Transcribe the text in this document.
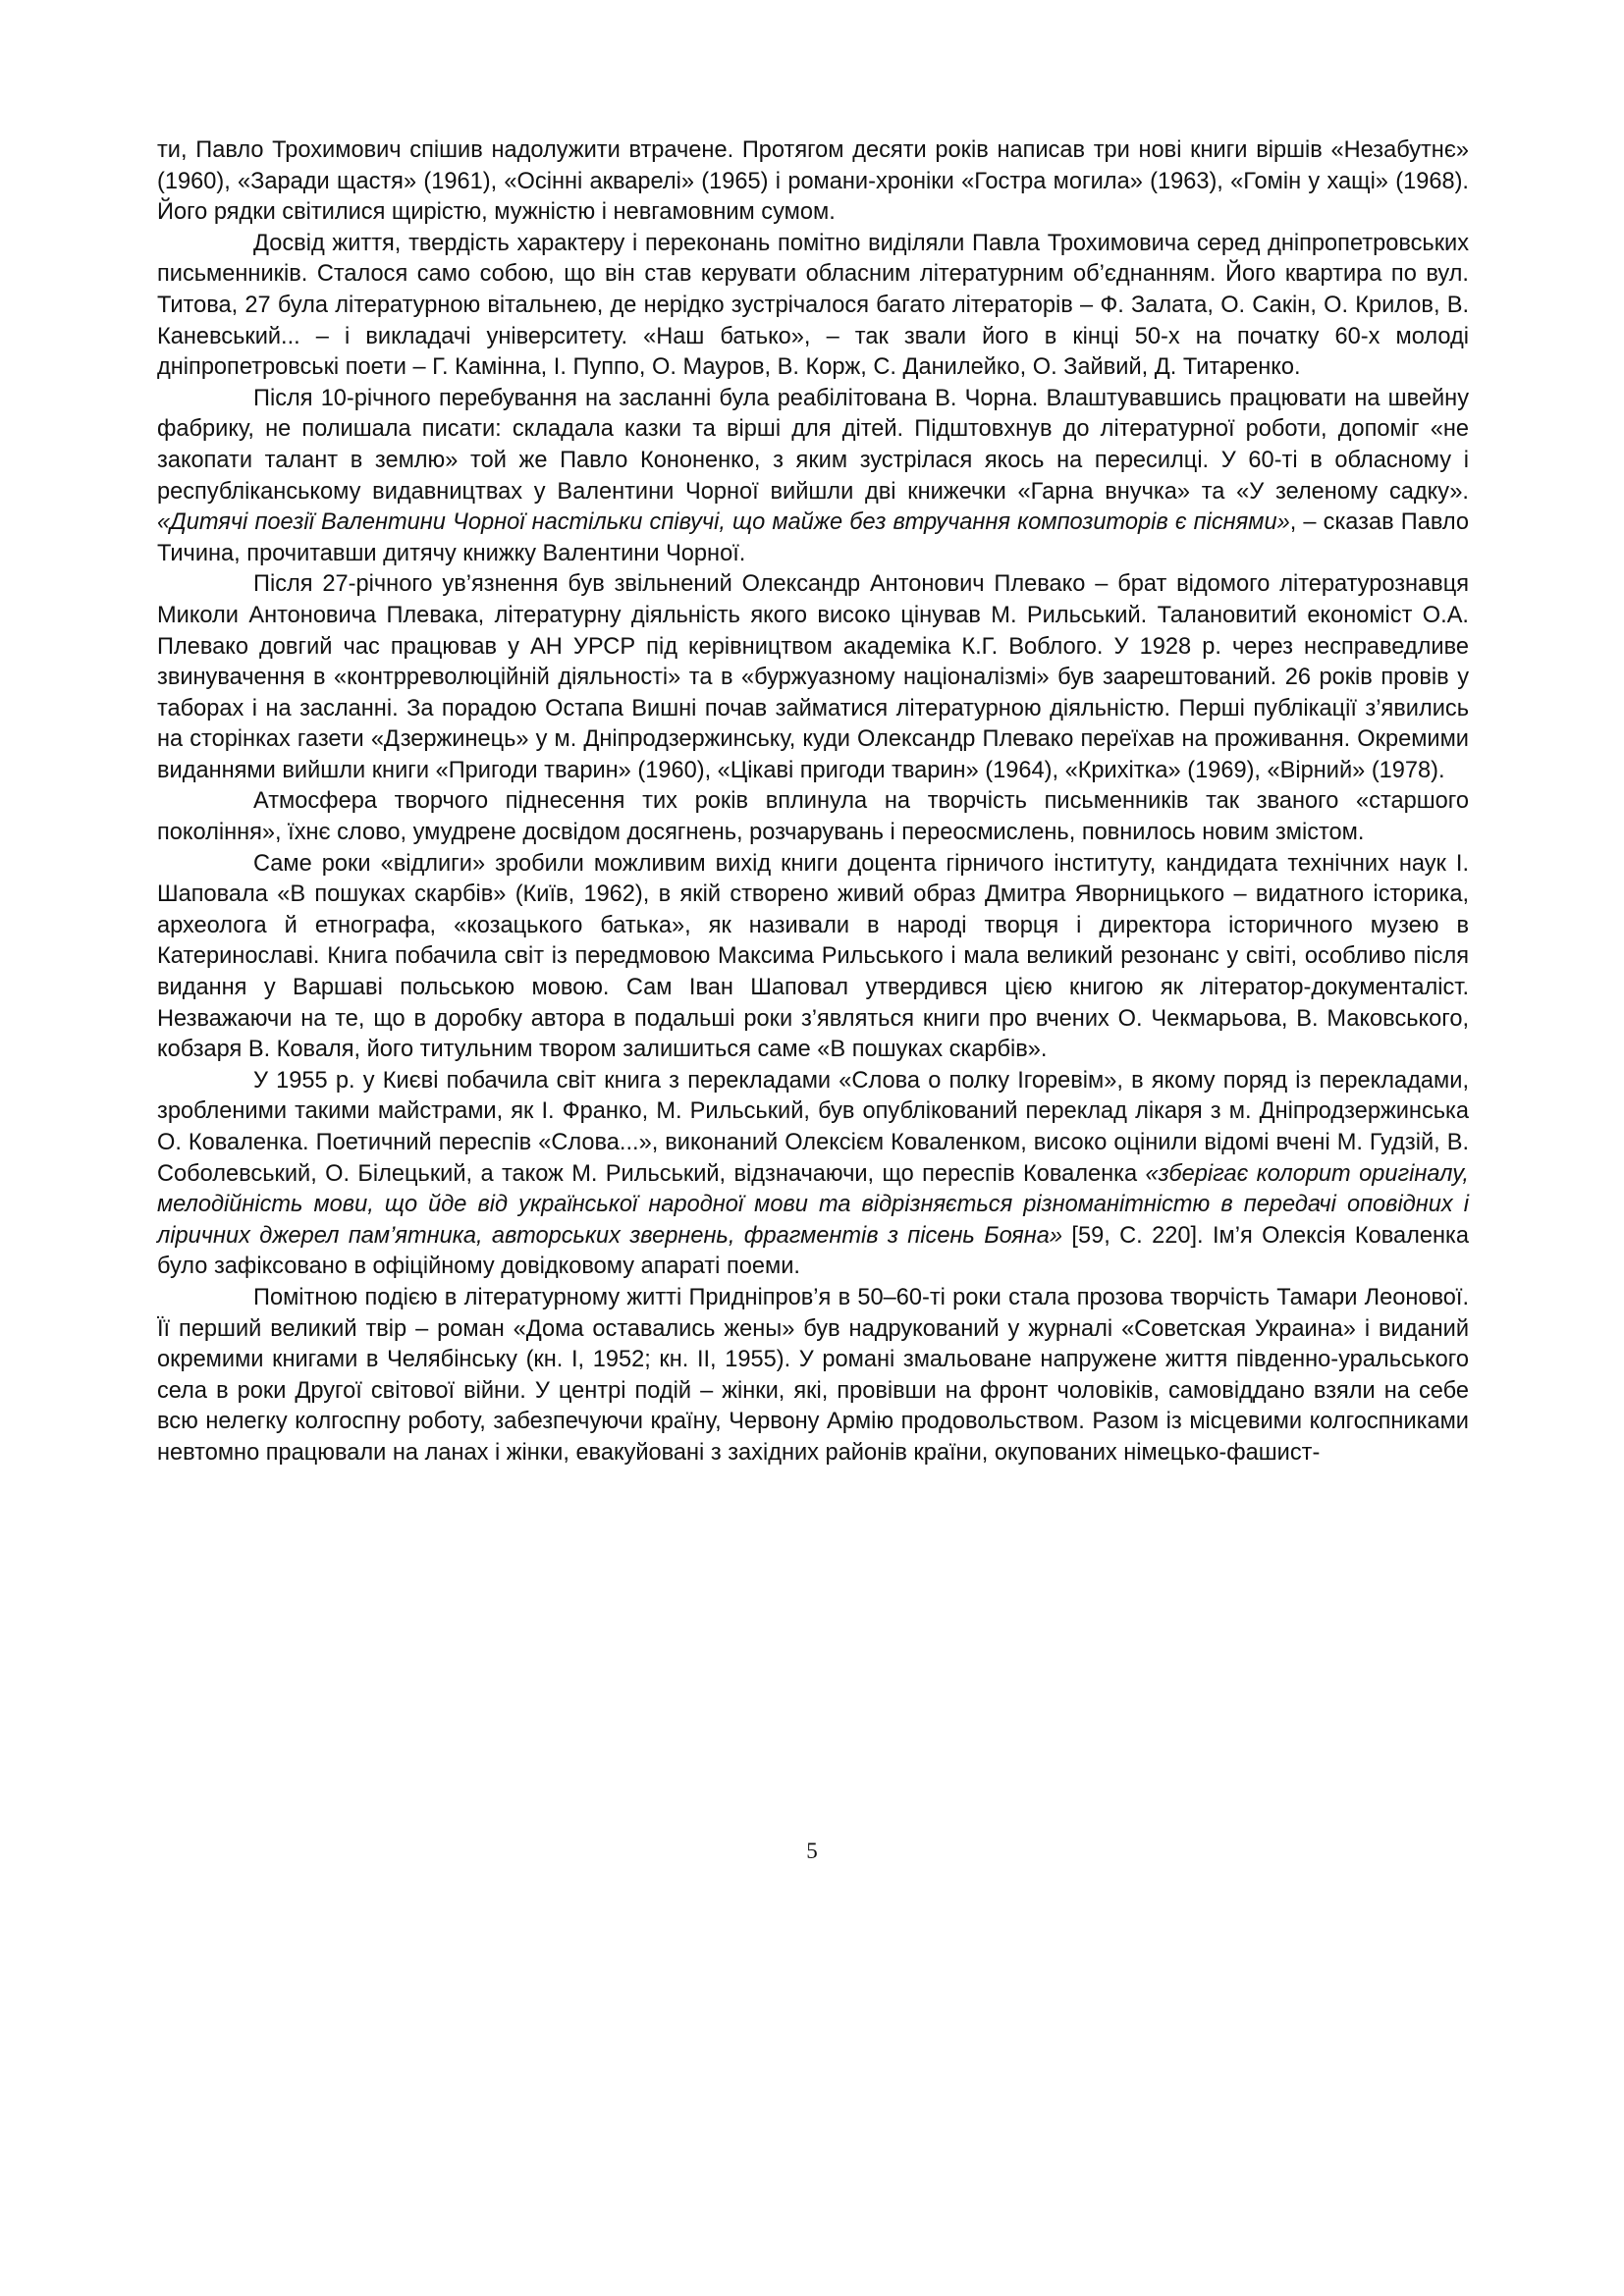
ти, Павло Трохимович спішив надолужити втрачене. Протягом десяти років написав три нові книги віршів «Незабутнє» (1960), «Заради щастя» (1961), «Осінні акварелі» (1965) і романи-хроніки «Гостра могила» (1963), «Гомін у хащі» (1968). Його рядки світилися щирістю, мужністю і невгамовним сумом.

Досвід життя, твердість характеру і переконань помітно виділяли Павла Трохимовича серед дніпропетровських письменників. Сталося само собою, що він став керувати обласним літературним об’єднанням. Його квартира по вул. Титова, 27 була літературною вітальнею, де нерідко зустрічалося багато літераторів – Ф. Залата, О. Сакін, О. Крилов, В. Каневський... – і викладачі університету. «Наш батько», – так звали його в кінці 50-х на початку 60-х молоді дніпропетровські поети – Г. Камінна, І. Пуппо, О. Мауров, В. Корж, С. Данилейко, О. Зайвий, Д. Титаренко.

Після 10-річного перебування на засланні була реабілітована В. Чорна. Влаштувавшись працювати на швейну фабрику, не полишала писати: складала казки та вірші для дітей. Підштовхнув до літературної роботи, допоміг «не закопати талант в землю» той же Павло Кононенко, з яким зустрілася якось на пересилці. У 60-ті в обласному і республіканському видавництвах у Валентини Чорної вийшли дві книжечки «Гарна внучка» та «У зеленому садку». «Дитячі поезії Валентини Чорної настільки співучі, що майже без втручання композиторів є піснями», – сказав Павло Тичина, прочитавши дитячу книжку Валентини Чорної.

Після 27-річного ув’язнення був звільнений Олександр Антонович Плевако – брат відомого літературознавця Миколи Антоновича Плевака, літературну діяльність якого високо цінував М. Рильський. Талановитий економіст О.А. Плевако довгий час працював у АН УРСР під керівництвом академіка К.Г. Воблого. У 1928 р. через несправедливе звинувачення в «контрреволюційній діяльності» та в «буржуазному націоналізмі» був заарештований. 26 років провів у таборах і на засланні. За порадою Остапа Вишні почав займатися літературною діяльністю. Перші публікації з’явились на сторінках газети «Дзержинець» у м. Дніпродзержинську, куди Олександр Плевако переїхав на проживання. Окремими виданнями вийшли книги «Пригоди тварин» (1960), «Цікаві пригоди тварин» (1964), «Крихітка» (1969), «Вірний» (1978).

Атмосфера творчого піднесення тих років вплинула на творчість письменників так званого «старшого покоління», їхнє слово, умудрене досвідом досягнень, розчарувань і переосмислень, повнилось новим змістом.

Саме роки «відлиги» зробили можливим вихід книги доцента гірничого інституту, кандидата технічних наук І. Шаповала «В пошуках скарбів» (Київ, 1962), в якій створено живий образ Дмитра Яворницького – видатного історика, археолога й етнографа, «козацького батька», як називали в народі творця і директора історичного музею в Катеринославі. Книга побачила світ із передмовою Максима Рильського і мала великий резонанс у світі, особливо після видання у Варшаві польською мовою. Сам Іван Шаповал утвердився цією книгою як літератор-документаліст. Незважаючи на те, що в доробку автора в подальші роки з’являться книги про вчених О. Чекмарьова, В. Маковського, кобзаря В. Коваля, його титульним твором залишиться саме «В пошуках скарбів».

У 1955 р. у Києві побачила світ книга з перекладами «Слова о полку Ігоревім», в якому поряд із перекладами, зробленими такими майстрами, як І. Франко, М. Рильський, був опублікований переклад лікаря з м. Дніпродзержинська О. Коваленка. Поетичний переспів «Слова...», виконаний Олексієм Коваленком, високо оцінили відомі вчені М. Гудзій, В. Соболевський, О. Білецький, а також М. Рильський, відзначаючи, що переспів Коваленка «зберігає колорит оригіналу, мелодійність мови, що йде від української народної мови та відрізняється різноманітністю в передачі оповідних і ліричних джерел пам’ятника, авторських звернень, фрагментів з пісень Бояна» [59, С. 220]. Ім’я Олексія Коваленка було зафіксовано в офіційному довідковому апараті поеми.

Помітною подією в літературному житті Придніпров’я в 50–60-ті роки стала прозова творчість Тамари Леонової. Її перший великий твір – роман «Дома оставались жены» був надрукований у журналі «Советская Украина» і виданий окремими книгами в Челябінську (кн. І, 1952; кн. ІІ, 1955). У романі змальоване напружене життя південно-уральського села в роки Другої світової війни. У центрі подій – жінки, які, провівши на фронт чоловіків, самовіддано взяли на себе всю нелегку колгоспну роботу, забезпечуючи країну, Червону Армію продовольством. Разом із місцевими колгоспниками невтомно працювали на ланах і жінки, евакуйовані з західних районів країни, окупованих німецько-фашист-

5
